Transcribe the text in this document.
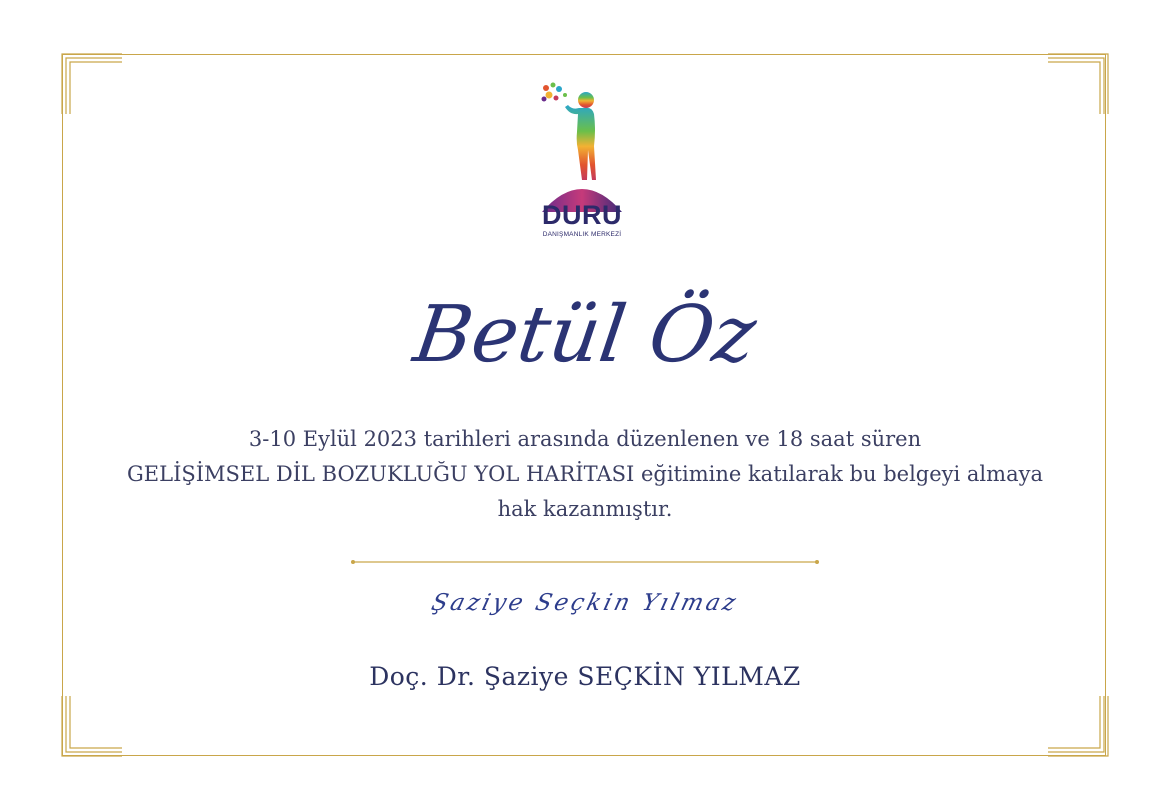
DURU
DANIŞMANLIK MERKEZİ
Betül Öz
3-10 Eylül 2023 tarihleri arasında düzenlenen ve 18 saat süren
GELİŞİMSEL DİL BOZUKLUĞU YOL HARİTASI eğitimine katılarak bu belgeyi almaya
hak kazanmıştır.
Şaziye Seçkin Yılmaz
Doç. Dr. Şaziye SEÇKİN YILMAZ
